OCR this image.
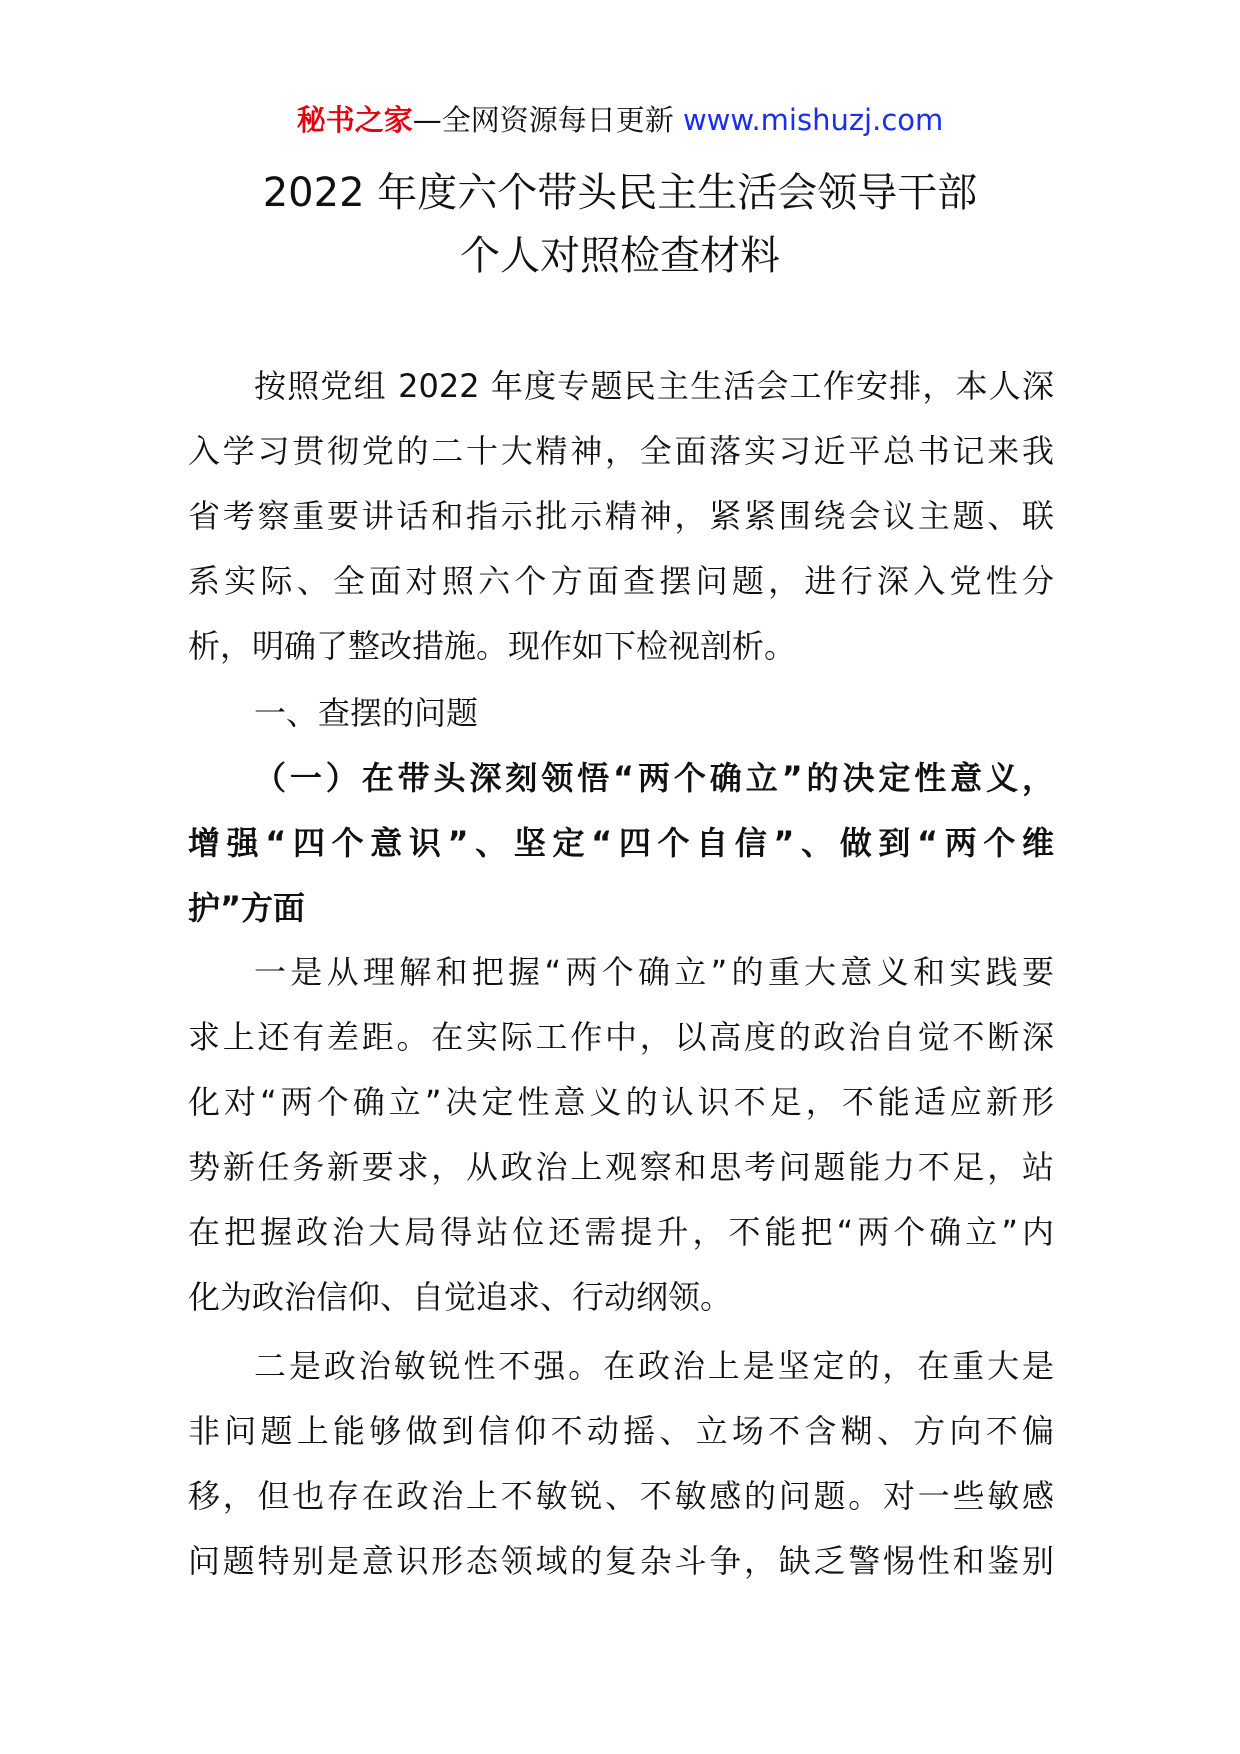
秘书之家—全网资源每日更新 www.mishuzj.com
2022 年度六个带头民主生活会领导干部
个人对照检查材料
按照党组 2022 年度专题民主生活会工作安排，本人深
入学习贯彻党的二十大精神，全面落实习近平总书记来我
省考察重要讲话和指示批示精神，紧紧围绕会议主题、联
系实际、全面对照六个方面查摆问题，进行深入党性分
析，明确了整改措施。现作如下检视剖析。
一、查摆的问题
（一）在带头深刻领悟“两个确立”的决定性意义，
增强“四个意识”、坚定“四个自信”、做到“两个维
护”方面
一是从理解和把握“两个确立”的重大意义和实践要
求上还有差距。在实际工作中，以高度的政治自觉不断深
化对“两个确立”决定性意义的认识不足，不能适应新形
势新任务新要求，从政治上观察和思考问题能力不足，站
在把握政治大局得站位还需提升，不能把“两个确立”内
化为政治信仰、自觉追求、行动纲领。
二是政治敏锐性不强。在政治上是坚定的，在重大是
非问题上能够做到信仰不动摇、立场不含糊、方向不偏
移，但也存在政治上不敏锐、不敏感的问题。对一些敏感
问题特别是意识形态领域的复杂斗争，缺乏警惕性和鉴别
